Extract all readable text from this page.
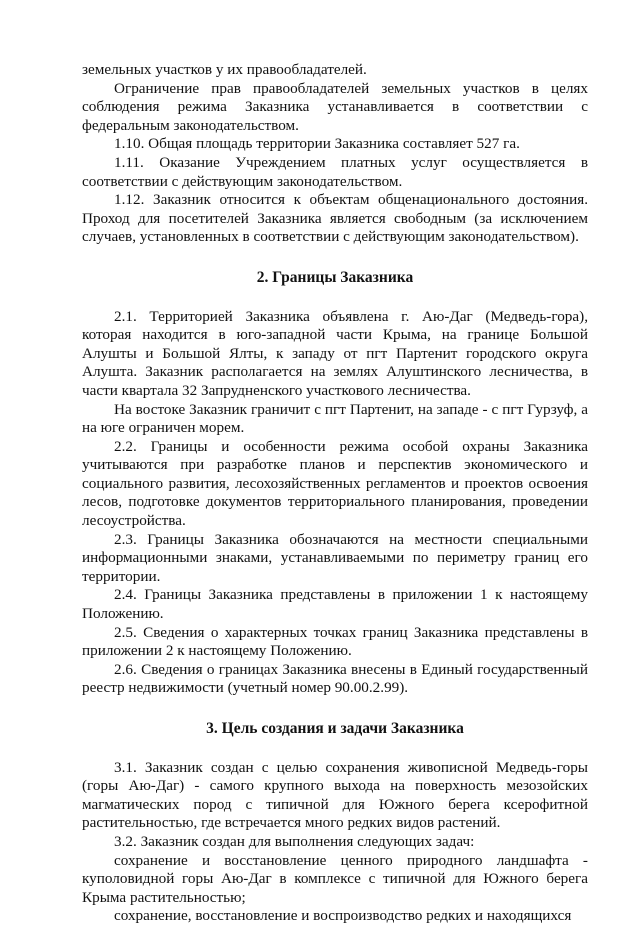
земельных участков у их правообладателей.

Ограничение прав правообладателей земельных участков в целях соблюдения режима Заказника устанавливается в соответствии с федеральным законодательством.

1.10. Общая площадь территории Заказника составляет 527 га.

1.11. Оказание Учреждением платных услуг осуществляется в соответствии с действующим законодательством.

1.12. Заказник относится к объектам общенационального достояния. Проход для посетителей Заказника является свободным (за исключением случаев, установленных в соответствии с действующим законодательством).

2. Границы Заказника

2.1. Территорией Заказника объявлена г. Аю-Даг (Медведь-гора), которая находится в юго-западной части Крыма, на границе Большой Алушты и Большой Ялты, к западу от пгт Партенит городского округа Алушта. Заказник располагается на землях Алуштинского лесничества, в части квартала 32 Запрудненского участкового лесничества.

На востоке Заказник граничит с пгт Партенит, на западе - с пгт Гурзуф, а на юге ограничен морем.

2.2. Границы и особенности режима особой охраны Заказника учитываются при разработке планов и перспектив экономического и социального развития, лесохозяйственных регламентов и проектов освоения лесов, подготовке документов территориального планирования, проведении лесоустройства.

2.3. Границы Заказника обозначаются на местности специальными информационными знаками, устанавливаемыми по периметру границ его территории.

2.4. Границы Заказника представлены в приложении 1 к настоящему Положению.

2.5. Сведения о характерных точках границ Заказника представлены в приложении 2 к настоящему Положению.

2.6. Сведения о границах Заказника внесены в Единый государственный реестр недвижимости (учетный номер 90.00.2.99).

3. Цель создания и задачи Заказника

3.1. Заказник создан с целью сохранения живописной Медведь-горы (горы Аю-Даг) - самого крупного выхода на поверхность мезозойских магматических пород с типичной для Южного берега ксерофитной растительностью, где встречается много редких видов растений.

3.2. Заказник создан для выполнения следующих задач:

сохранение и восстановление ценного природного ландшафта - куполовидной горы Аю-Даг в комплексе с типичной для Южного берега Крыма растительностью;

сохранение, восстановление и воспроизводство редких и находящихся
